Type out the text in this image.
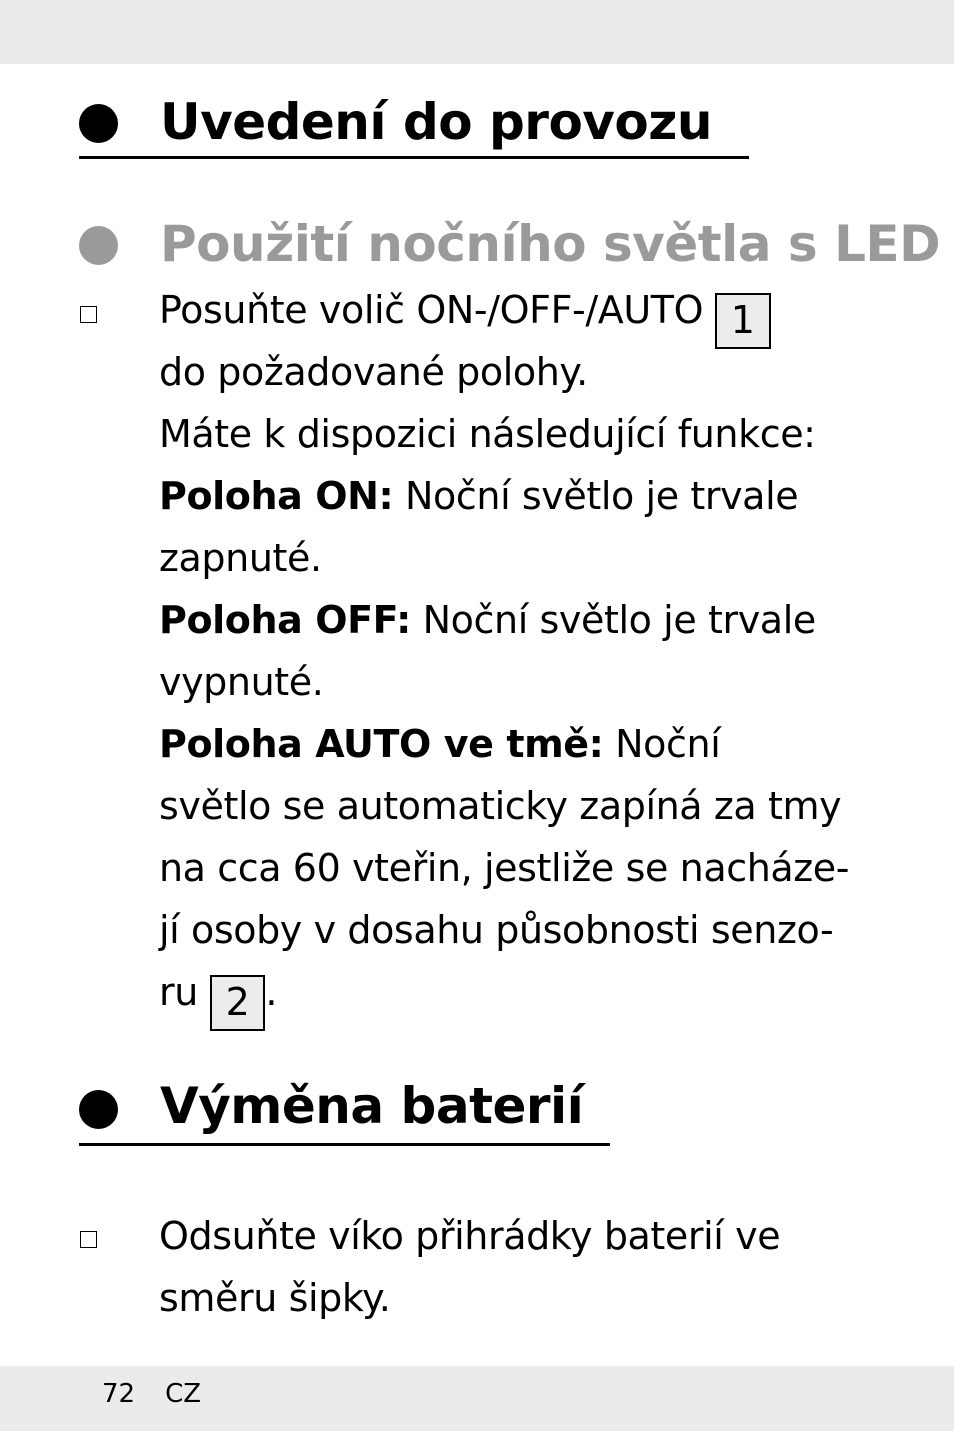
Uvedení do provozu
Použití nočního světla s LED
Posuňte volič ON-/OFF-/AUTO 1
do požadované polohy.
Máte k dispozici následující funkce:
Poloha ON: Noční světlo je trvale
zapnuté.
Poloha OFF: Noční světlo je trvale
vypnuté.
Poloha AUTO ve tmě: Noční
světlo se automaticky zapíná za tmy
na cca 60 vteřin, jestliže se nacháze-
jí osoby v dosahu působnosti senzo-
ru 2 .
Výměna baterií
Odsuňte víko přihrádky baterií ve
směru šipky.
72 CZ
